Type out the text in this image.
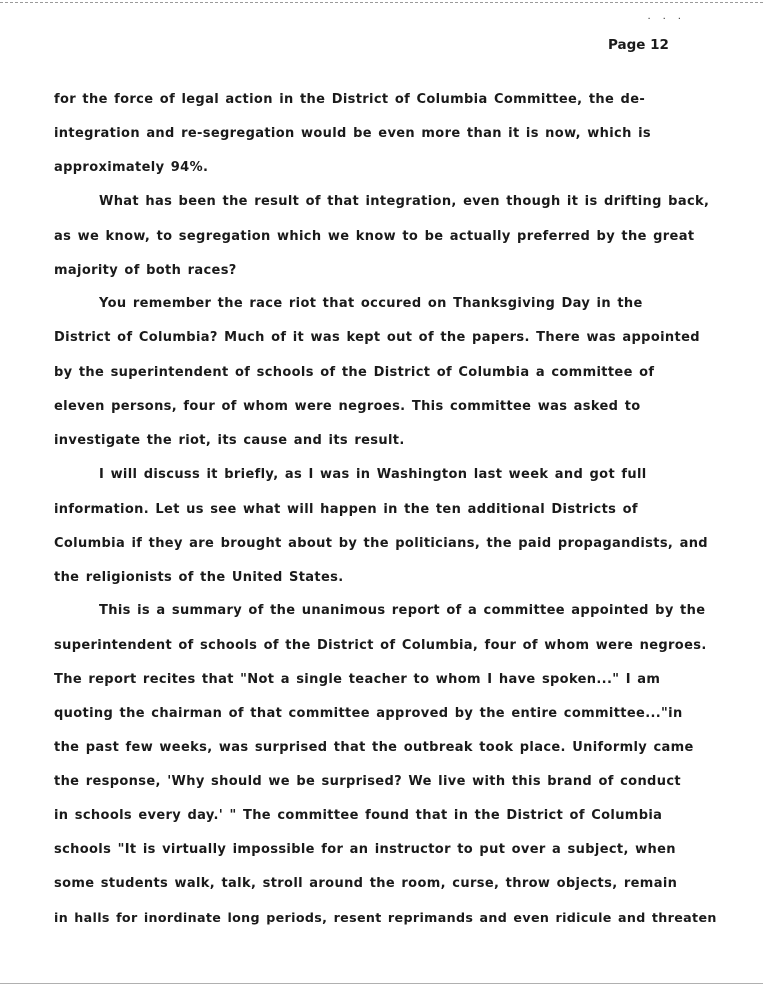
···
Page 12
for the force of legal action in the District of Columbia Committee, the de-
integration and re-segregation would be even more than it is now, which is
approximately 94%.
What has been the result of that integration, even though it is drifting back,
as we know, to segregation which we know to be actually preferred by the great
majority of both races?
You remember the race riot that occured on Thanksgiving Day in the
District of Columbia? Much of it was kept out of the papers. There was appointed
by the superintendent of schools of the District of Columbia a committee of
eleven persons, four of whom were negroes. This committee was asked to
investigate the riot, its cause and its result.
I will discuss it briefly, as I was in Washington last week and got full
information. Let us see what will happen in the ten additional Districts of
Columbia if they are brought about by the politicians, the paid propagandists, and
the religionists of the United States.
This is a summary of the unanimous report of a committee appointed by the
superintendent of schools of the District of Columbia, four of whom were negroes.
The report recites that "Not a single teacher to whom I have spoken..." I am
quoting the chairman of that committee approved by the entire committee..."in
the past few weeks, was surprised that the outbreak took place. Uniformly came
the response, 'Why should we be surprised? We live with this brand of conduct
in schools every day.' " The committee found that in the District of Columbia
schools "It is virtually impossible for an instructor to put over a subject, when
some students walk, talk, stroll around the room, curse, throw objects, remain
in halls for inordinate long periods, resent reprimands and even ridicule and threaten
